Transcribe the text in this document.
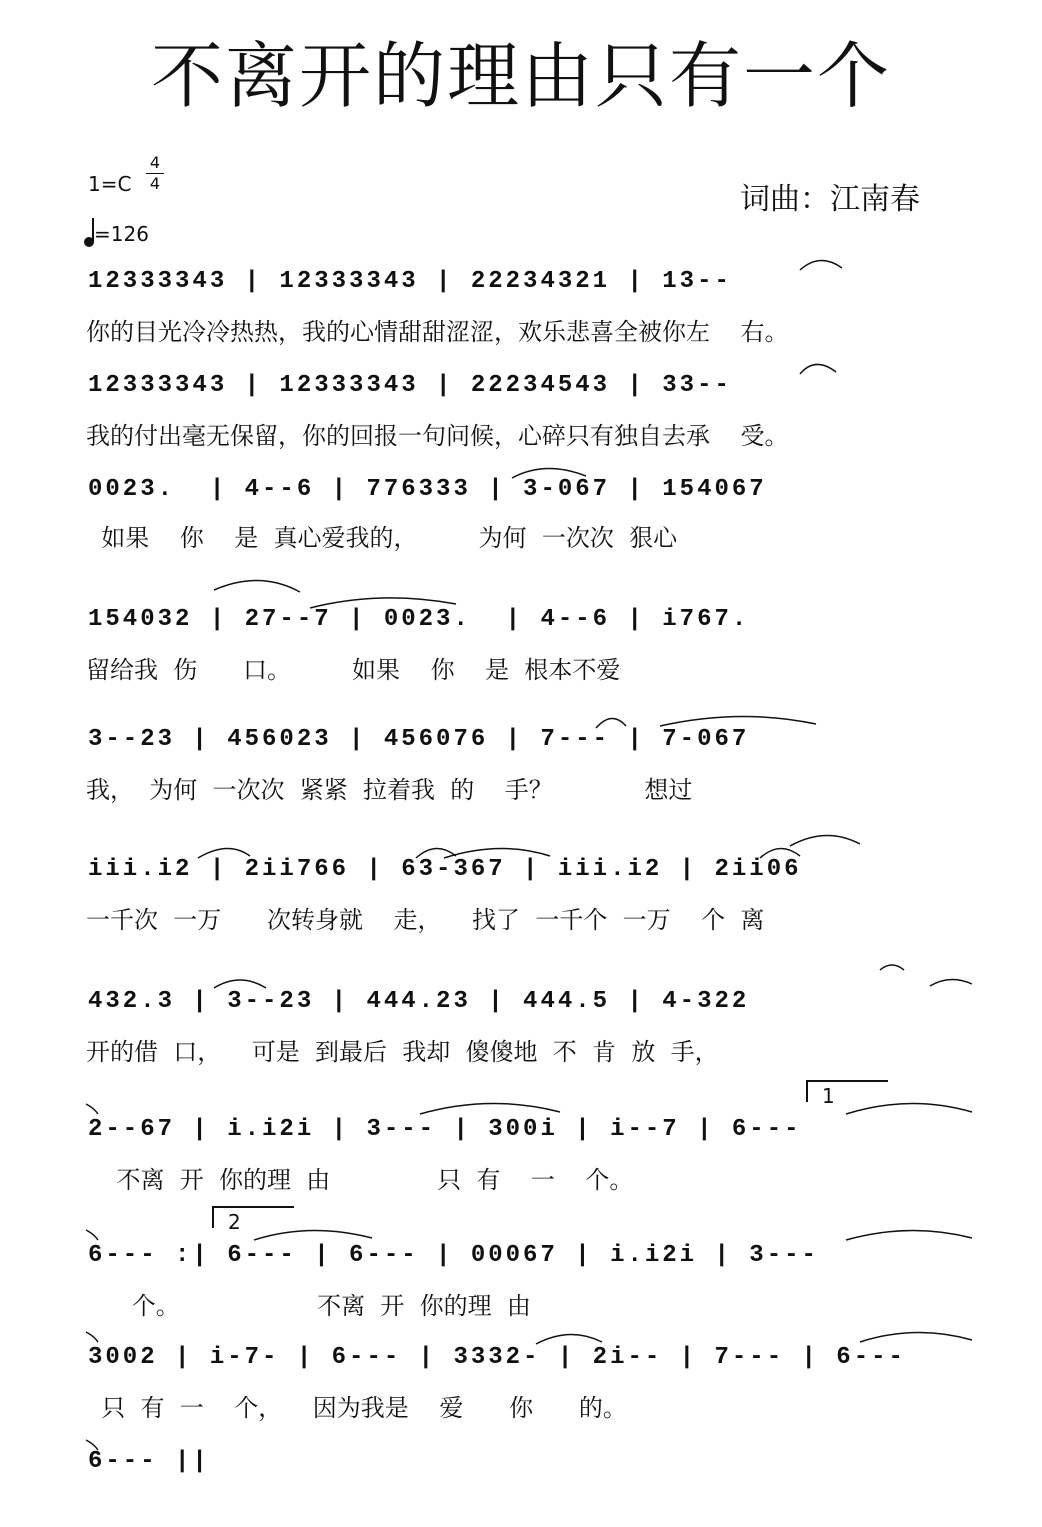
不离开的理由只有一个
1=C
4
4
=126
词曲：江南春
12333343 | 12333343 | 22234321 | 13--
你的目光冷冷热热，我的心情甜甜涩涩，欢乐悲喜全被你左    右。
12333343 | 12333343 | 22234543 | 33--
我的付出毫无保留，你的回报一句问候，心碎只有独自去承    受。
0023.  | 4--6 | 776333 | 3-067 | 154067
如果    你    是  真心爱我的，        为何  一次次  狠心
154032 | 27--7 | 0023.  | 4--6 | i767.
留给我  伤      口。        如果    你    是  根本不爱
3--23 | 456023 | 456076 | 7--- | 7-067
我，  为何  一次次  紧紧  拉着我  的    手？            想过
iii.i2 | 2ii766 | 63-367 | iii.i2 | 2ii06
一千次  一万      次转身就    走，    找了  一千个  一万    个  离
432.3 | 3--23 | 444.23 | 444.5 | 4-322
开的借  口，    可是  到最后  我却  傻傻地  不  肯  放  手，
1
2--67 | i.i2i | 3--- | 300i | i--7 | 6---
不离  开  你的理  由              只  有    一    个。
2
6--- :| 6--- | 6--- | 00067 | i.i2i | 3---
个。                  不离  开  你的理  由
3002 | i-7- | 6--- | 3332- | 2i-- | 7--- | 6---
只  有  一    个，    因为我是    爱      你      的。
6--- ||
